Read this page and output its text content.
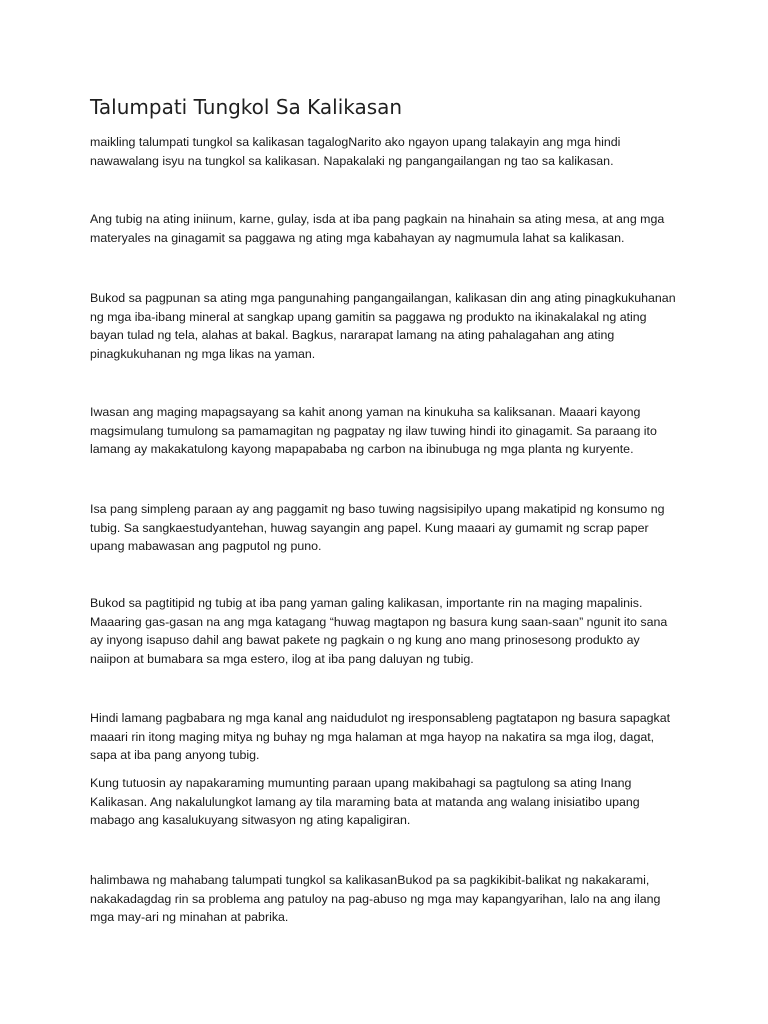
Talumpati Tungkol Sa Kalikasan

maikling talumpati tungkol sa kalikasan tagalogNarito ako ngayon upang talakayin ang mga hindi
nawawalang isyu na tungkol sa kalikasan. Napakalaki ng pangangailangan ng tao sa kalikasan.

Ang tubig na ating iniinum, karne, gulay, isda at iba pang pagkain na hinahain sa ating mesa, at ang mga
materyales na ginagamit sa paggawa ng ating mga kabahayan ay nagmumula lahat sa kalikasan.

Bukod sa pagpunan sa ating mga pangunahing pangangailangan, kalikasan din ang ating pinagkukuhanan
ng mga iba-ibang mineral at sangkap upang gamitin sa paggawa ng produkto na ikinakalakal ng ating
bayan tulad ng tela, alahas at bakal. Bagkus, nararapat lamang na ating pahalagahan ang ating
pinagkukuhanan ng mga likas na yaman.

Iwasan ang maging mapagsayang sa kahit anong yaman na kinukuha sa kaliksanan. Maaari kayong
magsimulang tumulong sa pamamagitan ng pagpatay ng ilaw tuwing hindi ito ginagamit. Sa paraang ito
lamang ay makakatulong kayong mapapababa ng carbon na ibinubuga ng mga planta ng kuryente.

Isa pang simpleng paraan ay ang paggamit ng baso tuwing nagsisipilyo upang makatipid ng konsumo ng
tubig. Sa sangkaestudyantehan, huwag sayangin ang papel. Kung maaari ay gumamit ng scrap paper
upang mabawasan ang pagputol ng puno.

Bukod sa pagtitipid ng tubig at iba pang yaman galing kalikasan, importante rin na maging mapalinis.
Maaaring gas-gasan na ang mga katagang “huwag magtapon ng basura kung saan-saan” ngunit ito sana
ay inyong isapuso dahil ang bawat pakete ng pagkain o ng kung ano mang prinosesong produkto ay
naiipon at bumabara sa mga estero, ilog at iba pang daluyan ng tubig.

Hindi lamang pagbabara ng mga kanal ang naidudulot ng iresponsableng pagtatapon ng basura sapagkat
maaari rin itong maging mitya ng buhay ng mga halaman at mga hayop na nakatira sa mga ilog, dagat,
sapa at iba pang anyong tubig.

Kung tutuosin ay napakaraming mumunting paraan upang makibahagi sa pagtulong sa ating Inang
Kalikasan. Ang nakalulungkot lamang ay tila maraming bata at matanda ang walang inisiatibo upang
mabago ang kasalukuyang sitwasyon ng ating kapaligiran.

halimbawa ng mahabang talumpati tungkol sa kalikasanBukod pa sa pagkikibit-balikat ng nakakarami,
nakakadagdag rin sa problema ang patuloy na pag-abuso ng mga may kapangyarihan, lalo na ang ilang
mga may-ari ng minahan at pabrika.
